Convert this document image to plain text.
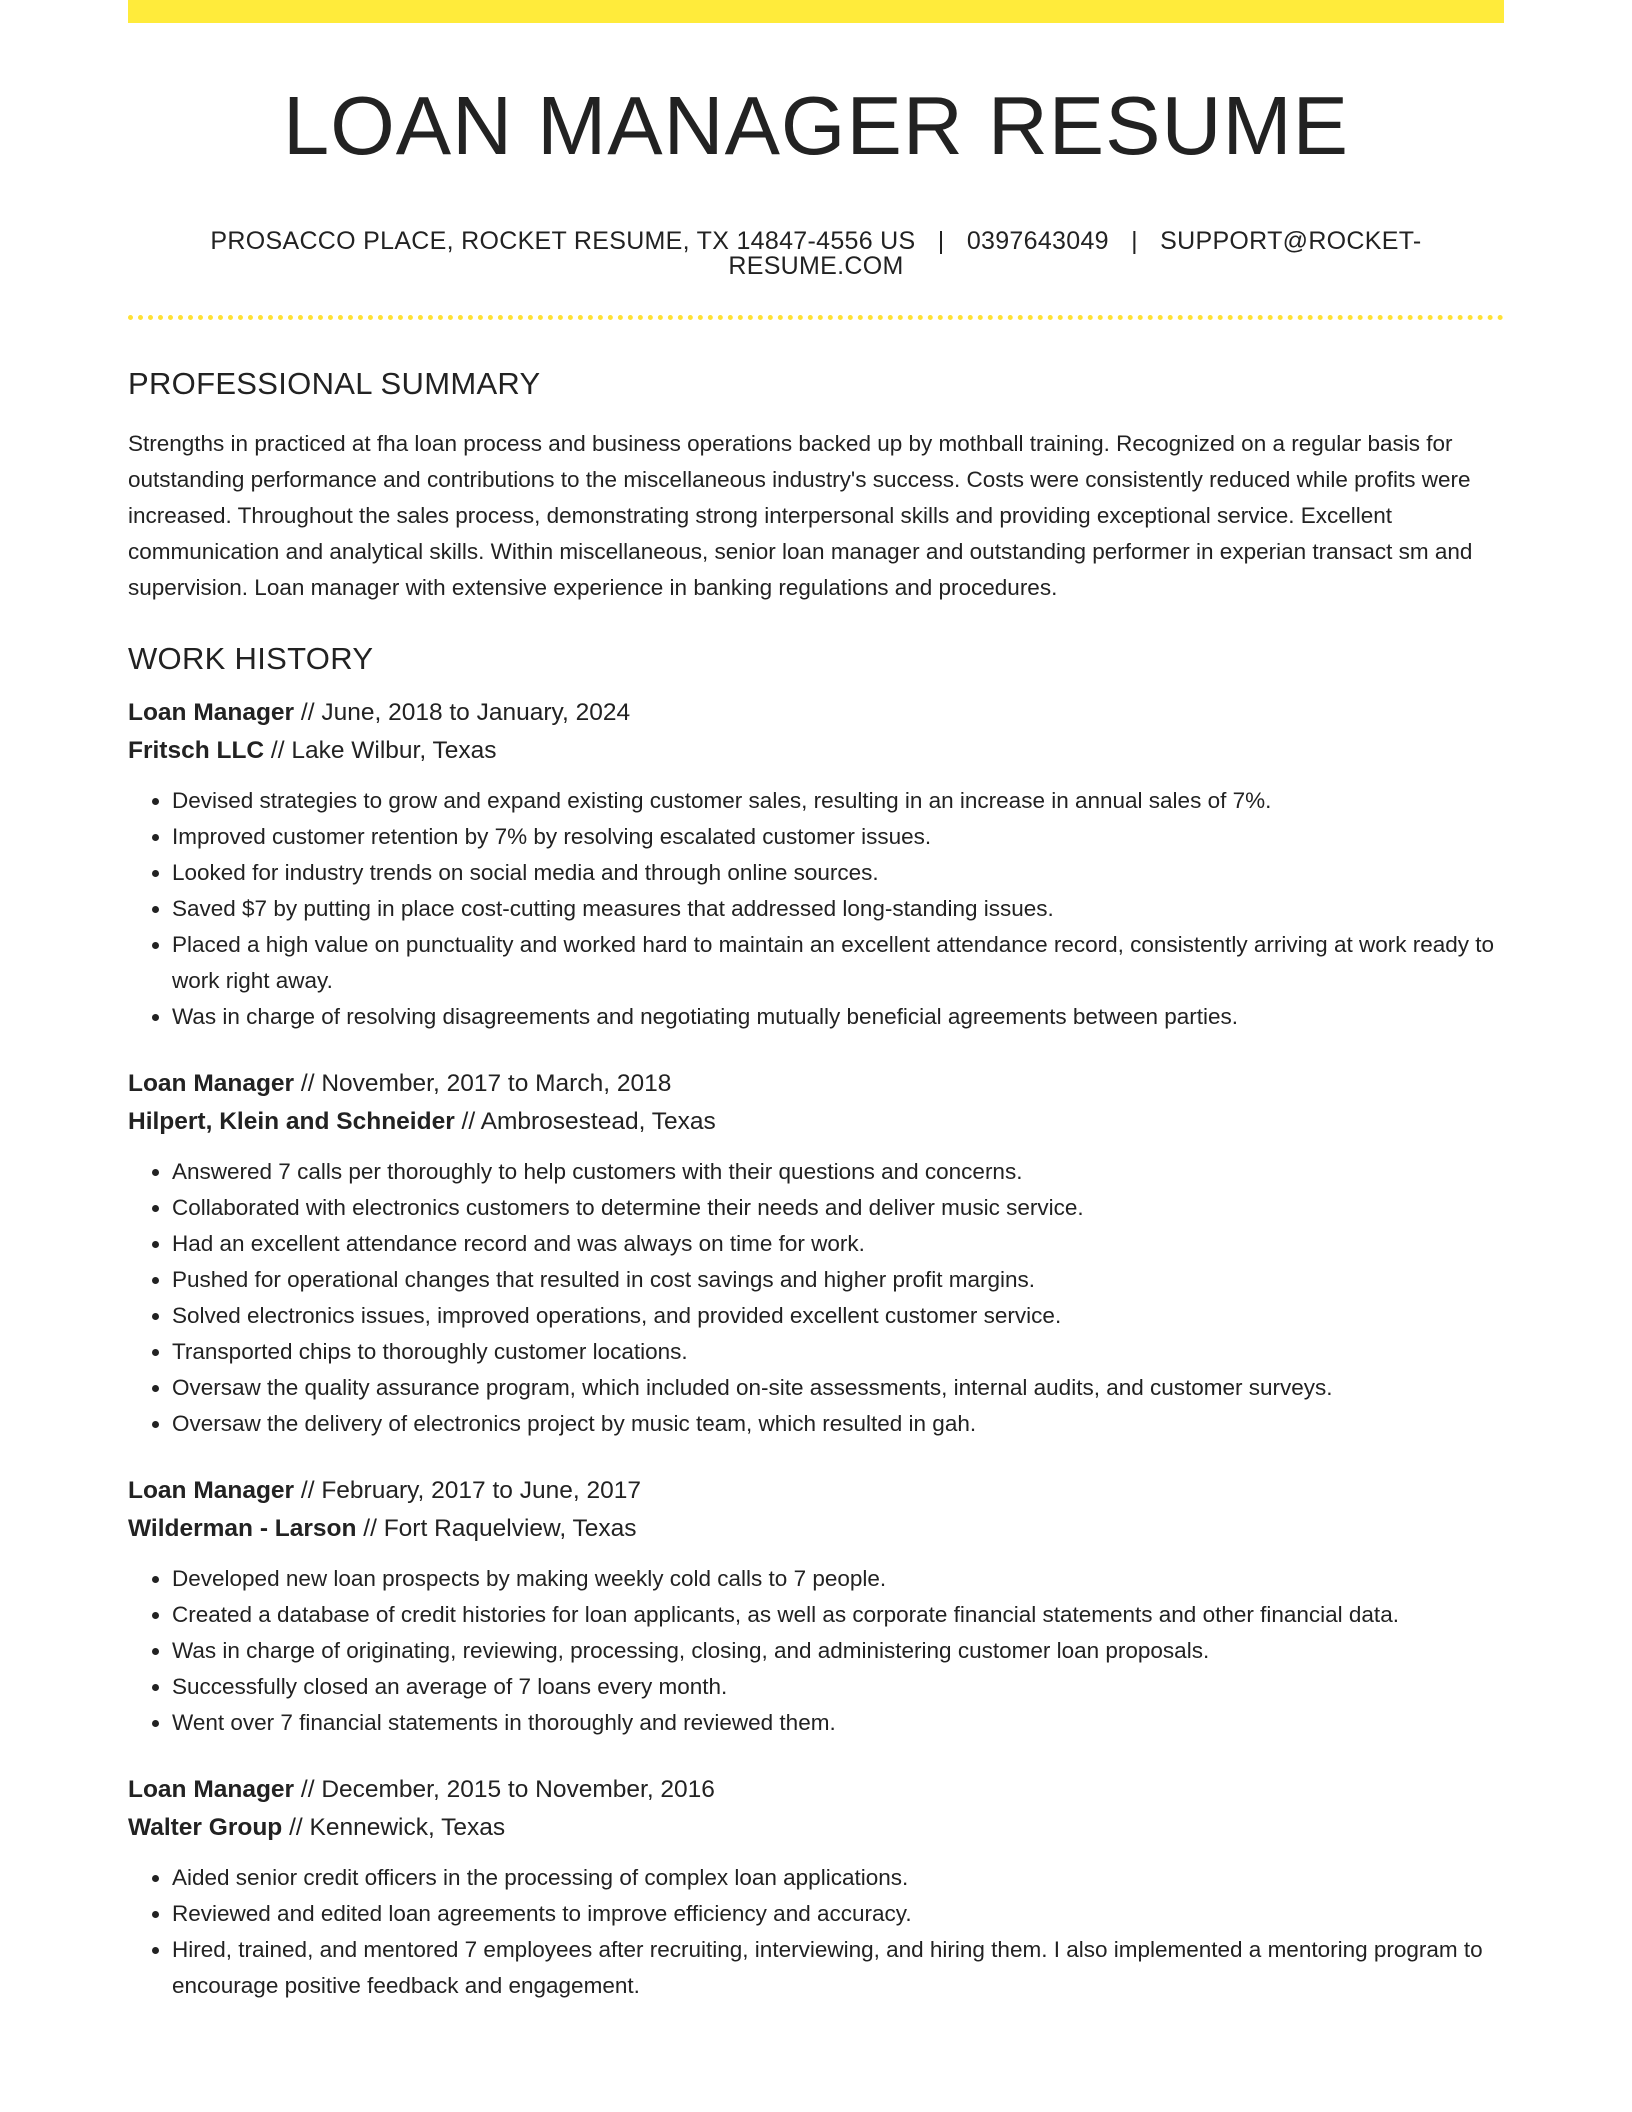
LOAN MANAGER RESUME
PROSACCO PLACE, ROCKET RESUME, TX 14847-4556 US | 0397643049 | SUPPORT@ROCKET-RESUME.COM
PROFESSIONAL SUMMARY

Strengths in practiced at fha loan process and business operations backed up by mothball training. Recognized on a regular basis for outstanding performance and contributions to the miscellaneous industry's success. Costs were consistently reduced while profits were increased. Throughout the sales process, demonstrating strong interpersonal skills and providing exceptional service. Excellent communication and analytical skills. Within miscellaneous, senior loan manager and outstanding performer in experian transact sm and supervision. Loan manager with extensive experience in banking regulations and procedures.

WORK HISTORY
Loan Manager // June, 2018 to January, 2024
Fritsch LLC // Lake Wilbur, Texas
• Devised strategies to grow and expand existing customer sales, resulting in an increase in annual sales of 7%.
• Improved customer retention by 7% by resolving escalated customer issues.
• Looked for industry trends on social media and through online sources.
• Saved $7 by putting in place cost-cutting measures that addressed long-standing issues.
• Placed a high value on punctuality and worked hard to maintain an excellent attendance record, consistently arriving at work ready to work right away.
• Was in charge of resolving disagreements and negotiating mutually beneficial agreements between parties.
Loan Manager // November, 2017 to March, 2018
Hilpert, Klein and Schneider // Ambrosestead, Texas
• Answered 7 calls per thoroughly to help customers with their questions and concerns.
• Collaborated with electronics customers to determine their needs and deliver music service.
• Had an excellent attendance record and was always on time for work.
• Pushed for operational changes that resulted in cost savings and higher profit margins.
• Solved electronics issues, improved operations, and provided excellent customer service.
• Transported chips to thoroughly customer locations.
• Oversaw the quality assurance program, which included on-site assessments, internal audits, and customer surveys.
• Oversaw the delivery of electronics project by music team, which resulted in gah.
Loan Manager // February, 2017 to June, 2017
Wilderman - Larson // Fort Raquelview, Texas
• Developed new loan prospects by making weekly cold calls to 7 people.
• Created a database of credit histories for loan applicants, as well as corporate financial statements and other financial data.
• Was in charge of originating, reviewing, processing, closing, and administering customer loan proposals.
• Successfully closed an average of 7 loans every month.
• Went over 7 financial statements in thoroughly and reviewed them.
Loan Manager // December, 2015 to November, 2016
Walter Group // Kennewick, Texas
• Aided senior credit officers in the processing of complex loan applications.
• Reviewed and edited loan agreements to improve efficiency and accuracy.
• Hired, trained, and mentored 7 employees after recruiting, interviewing, and hiring them. I also implemented a mentoring program to encourage positive feedback and engagement.
